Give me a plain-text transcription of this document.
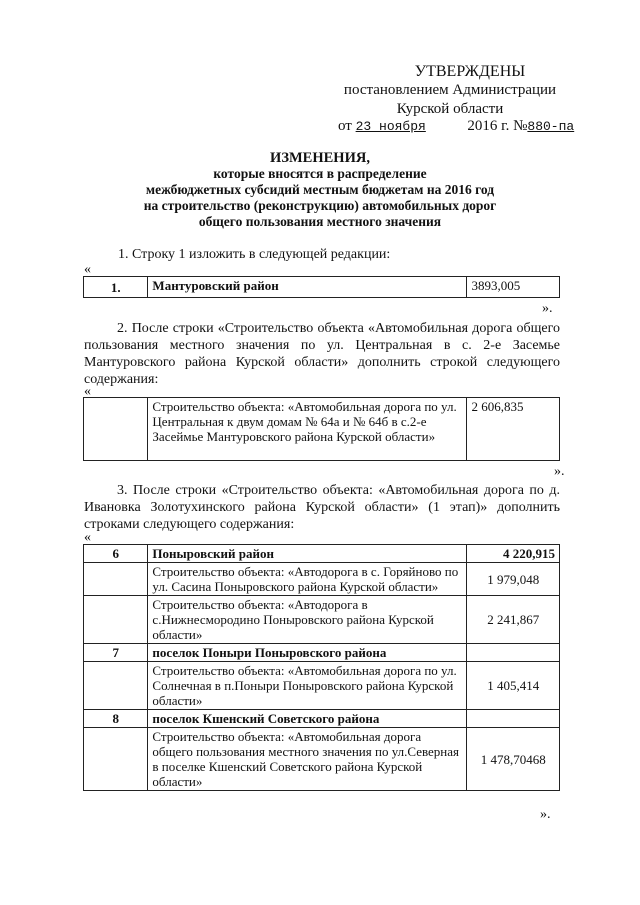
УТВЕРЖДЕНЫ
постановлением Администрации
Курской области
от 23 ноября	2016 г. №880-па
ИЗМЕНЕНИЯ,
которые вносятся в распределение
межбюджетных субсидий местным бюджетам на 2016 год
на строительство (реконструкцию) автомобильных дорог
общего пользования местного значения
1. Строку 1 изложить в следующей редакции:
«
1.	Мантуровский район	3893,005
».
2. После строки «Строительство объекта «Автомобильная дорога общего пользования местного значения по ул. Центральная в с. 2-е Засемье Мантуровского района Курской области» дополнить строкой следующего содержания:
«
	Строительство объекта: «Автомобильная дорога по ул. Центральная к двум домам № 64а и № 64б в с.2-е Засеймье Мантуровского района Курской области»	2 606,835
».
3. После строки «Строительство объекта: «Автомобильная дорога по д. Ивановка Золотухинского района Курской области» (1 этап)» дополнить строками следующего содержания:
«
6	Поныровский район	4 220,915
	Строительство объекта: «Автодорога в с. Горяйново по ул. Сасина Поныровского района Курской области»	1 979,048
	Строительство объекта: «Автодорога в с.Нижнесмородино Поныровского района Курской области»	2 241,867
7	поселок Поныри Поныровского района	
	Строительство объекта: «Автомобильная дорога по ул. Солнечная в п.Поныри Поныровского района Курской области»	1 405,414
8	поселок Кшенский Советского района	
	Строительство объекта: «Автомобильная дорога общего пользования местного значения по ул.Северная в поселке Кшенский Советского района Курской области»	1 478,70468
».
